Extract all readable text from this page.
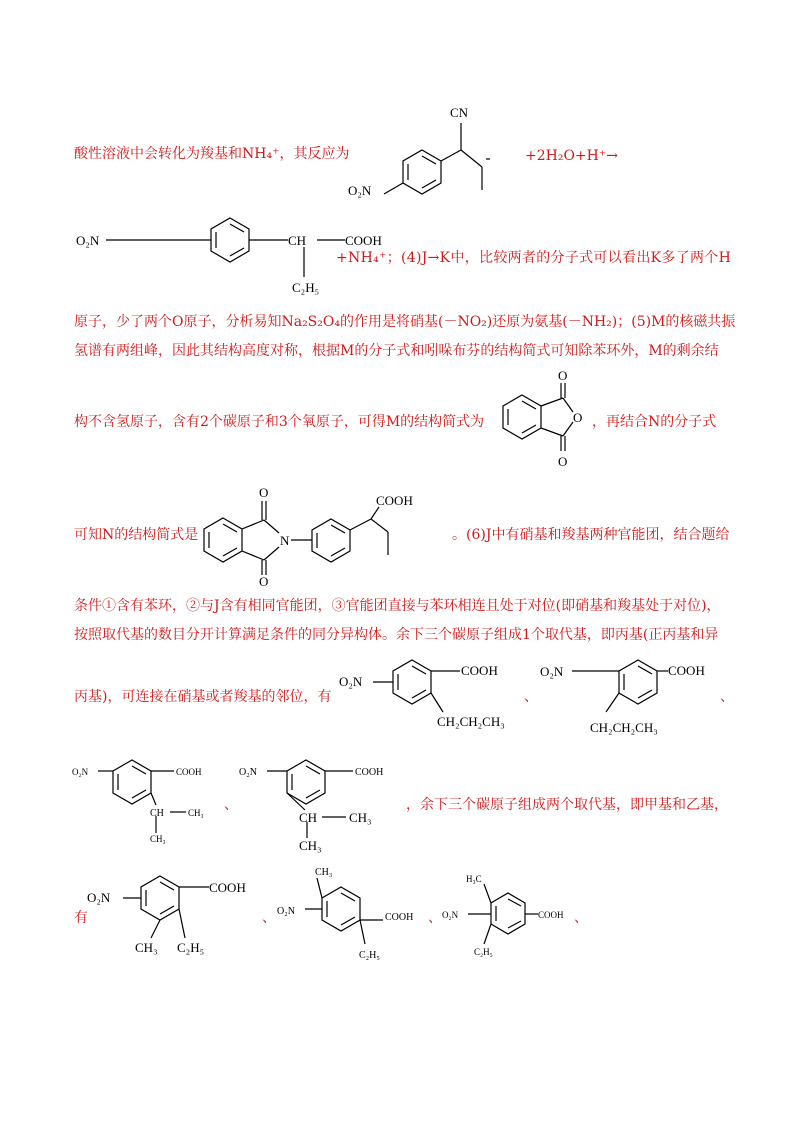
酸性溶液中会转化为羧基和NH₄⁺，其反应为	+2H₂O+H⁺→
+NH₄⁺；(4)J→K中，比较两者的分子式可以看出K多了两个H
原子，少了两个O原子，分析易知Na₂S₂O₄的作用是将硝基(－NO₂)还原为氨基(－NH₂)；(5)M的核磁共振
氢谱有两组峰，因此其结构高度对称，根据M的分子式和吲哚布芬的结构简式可知除苯环外，M的剩余结
构不含氢原子，含有2个碳原子和3个氧原子，可得M的结构简式为	，再结合N的分子式
可知N的结构简式是	。(6)J中有硝基和羧基两种官能团，结合题给
条件①含有苯环，②与J含有相同官能团，③官能团直接与苯环相连且处于对位(即硝基和羧基处于对位)，
按照取代基的数目分开计算满足条件的同分异构体。余下三个碳原子组成1个取代基，即丙基(正丙基和异
丙基)，可连接在硝基或者羧基的邻位，有	、	、
、	，余下三个碳原子组成两个取代基，即甲基和乙基，
有	、	、	、
CN
O₂N
O₂N	CH	COOH
C₂H₅
O
O
O
O
N
O
COOH
O₂N
COOH
CH₂CH₂CH₃
O₂N	COOH
CH₂CH₂CH₃
O₂N	COOH
CH	CH₃
CH₃
O₂N	COOH
CH CH₃
CH₃
O₂N
COOH
CH₃ C₂H₅
CH₃
O₂N
COOH
C₂H₅
H₃C
O₂N	COOH
C₂H₅
